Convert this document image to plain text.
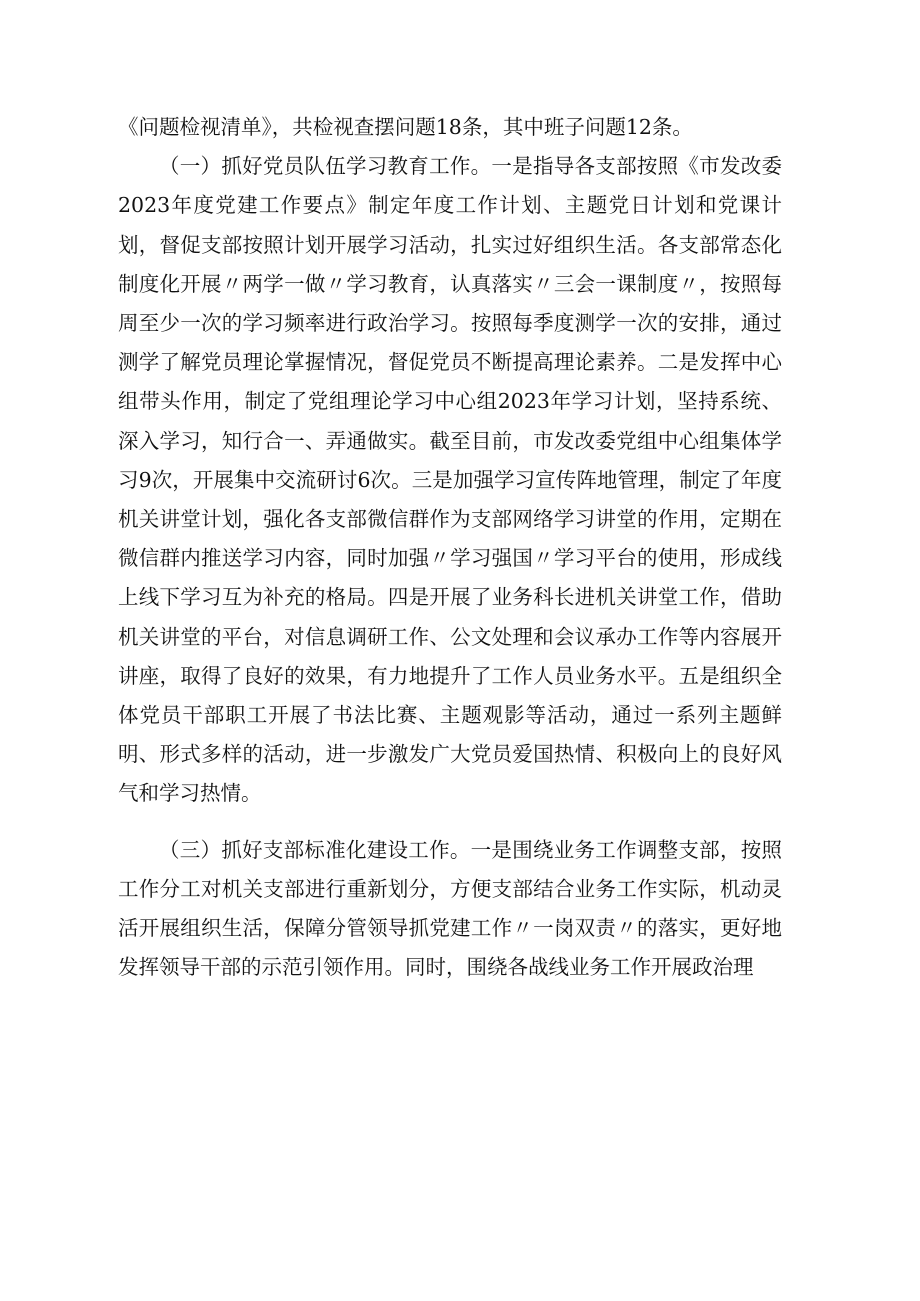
《问题检视清单》，共检视查摆问题18条，其中班子问题12条。

（一）抓好党员队伍学习教育工作。一是指导各支部按照《市发改委2023年度党建工作要点》制定年度工作计划、主题党日计划和党课计划，督促支部按照计划开展学习活动，扎实过好组织生活。各支部常态化制度化开展〃两学一做〃学习教育，认真落实〃三会一课制度〃，按照每周至少一次的学习频率进行政治学习。按照每季度测学一次的安排，通过测学了解党员理论掌握情况，督促党员不断提高理论素养。二是发挥中心组带头作用，制定了党组理论学习中心组2023年学习计划，坚持系统、深入学习，知行合一、弄通做实。截至目前，市发改委党组中心组集体学习9次，开展集中交流研讨6次。三是加强学习宣传阵地管理，制定了年度机关讲堂计划，强化各支部微信群作为支部网络学习讲堂的作用，定期在微信群内推送学习内容，同时加强〃学习强国〃学习平台的使用，形成线上线下学习互为补充的格局。四是开展了业务科长进机关讲堂工作，借助机关讲堂的平台，对信息调研工作、公文处理和会议承办工作等内容展开讲座，取得了良好的效果，有力地提升了工作人员业务水平。五是组织全体党员干部职工开展了书法比赛、主题观影等活动，通过一系列主题鲜明、形式多样的活动，进一步激发广大党员爱国热情、积极向上的良好风气和学习热情。

（三）抓好支部标准化建设工作。一是围绕业务工作调整支部，按照工作分工对机关支部进行重新划分，方便支部结合业务工作实际，机动灵活开展组织生活，保障分管领导抓党建工作〃一岗双责〃的落实，更好地发挥领导干部的示范引领作用。同时，围绕各战线业务工作开展政治理
